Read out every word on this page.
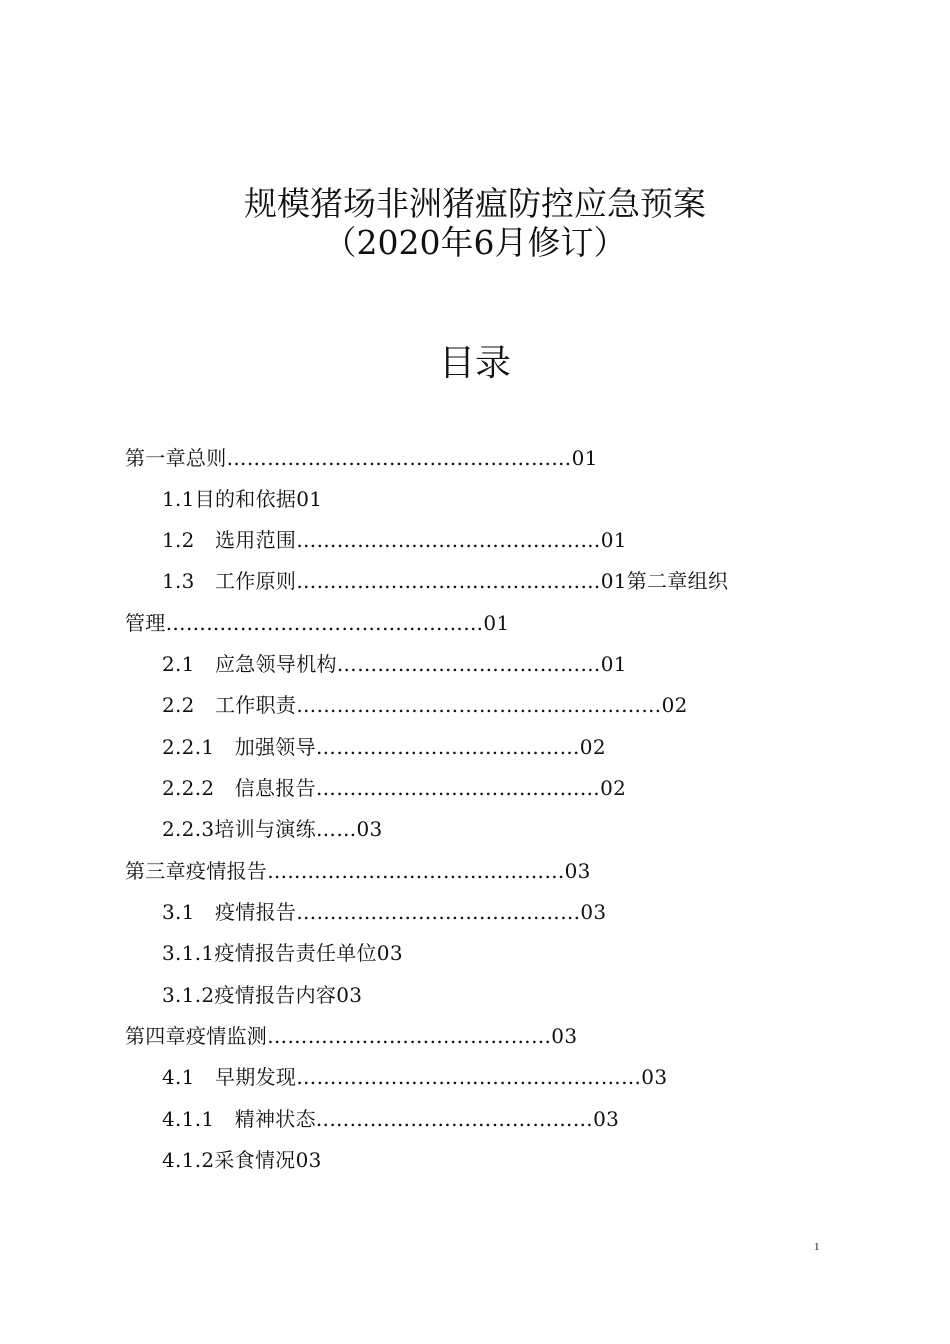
规模猪场非洲猪瘟防控应急预案
（2020年6月修订）
目录
第一章总则……………………………………………01
1.1目的和依据01
1.2　选用范围………………………………………01
1.3　工作原则………………………………………01第二章组织
管理……..…………………………………01
2.1　应急领导机构…………………………………01
2.2　工作职责………………………………………………02
2.2.1　加强领导…………………………………02
2.2.2　信息报告……………………………………02
2.2.3培训与演练……03
第三章疫情报告…..…………………………………03
3.1　疫情报告……………………………………03
3.1.1疫情报告责任单位03
3.1.2疫情报告内容03
第四章疫情监测……………………………………03
4.1　早期发现……………………………………………03
4.1.1　精神状态..…………………………………03
4.1.2采食情况03
1
